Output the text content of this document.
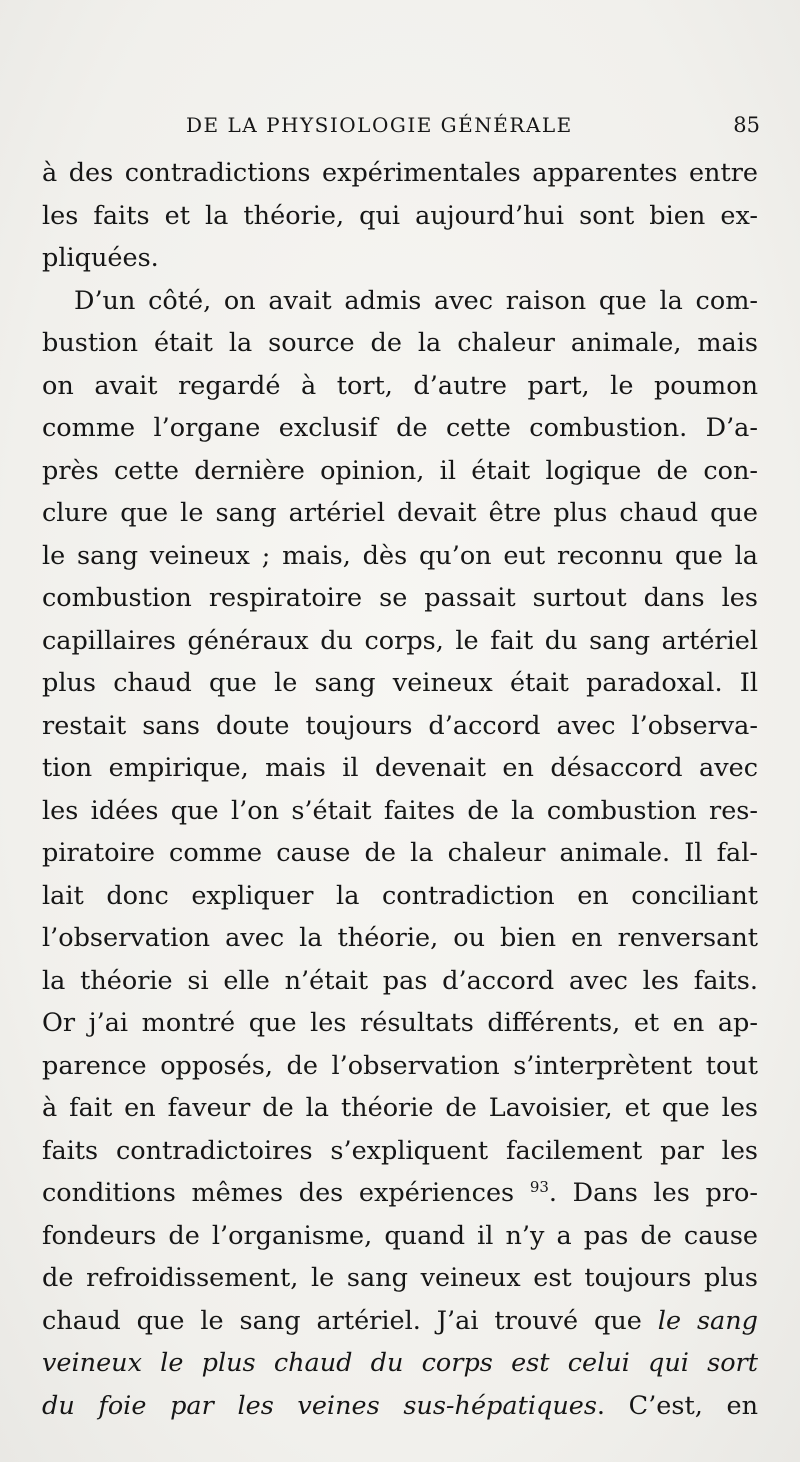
DE LA PHYSIOLOGIE GÉNÉRALE	85
à des contradictions expérimentales apparentes entre
les faits et la théorie, qui aujourd’hui sont bien ex-
pliquées.
D’un côté, on avait admis avec raison que la com-
bustion était la source de la chaleur animale, mais
on avait regardé à tort, d’autre part, le poumon
comme l’organe exclusif de cette combustion. D’a-
près cette dernière opinion, il était logique de con-
clure que le sang artériel devait être plus chaud que
le sang veineux ; mais, dès qu’on eut reconnu que la
combustion respiratoire se passait surtout dans les
capillaires généraux du corps, le fait du sang artériel
plus chaud que le sang veineux était paradoxal. Il
restait sans doute toujours d’accord avec l’observa-
tion empirique, mais il devenait en désaccord avec
les idées que l’on s’était faites de la combustion res-
piratoire comme cause de la chaleur animale. Il fal-
lait donc expliquer la contradiction en conciliant
l’observation avec la théorie, ou bien en renversant
la théorie si elle n’était pas d’accord avec les faits.
Or j’ai montré que les résultats différents, et en ap-
parence opposés, de l’observation s’interprètent tout
à fait en faveur de la théorie de Lavoisier, et que les
faits contradictoires s’expliquent facilement par les
conditions mêmes des expériences $^{93}$. Dans les pro-
fondeurs de l’organisme, quand il n’y a pas de cause
de refroidissement, le sang veineux est toujours plus
chaud que le sang artériel. J’ai trouvé que le sang
veineux le plus chaud du corps est celui qui sort
du foie par les veines sus-hépatiques. C’est, en
